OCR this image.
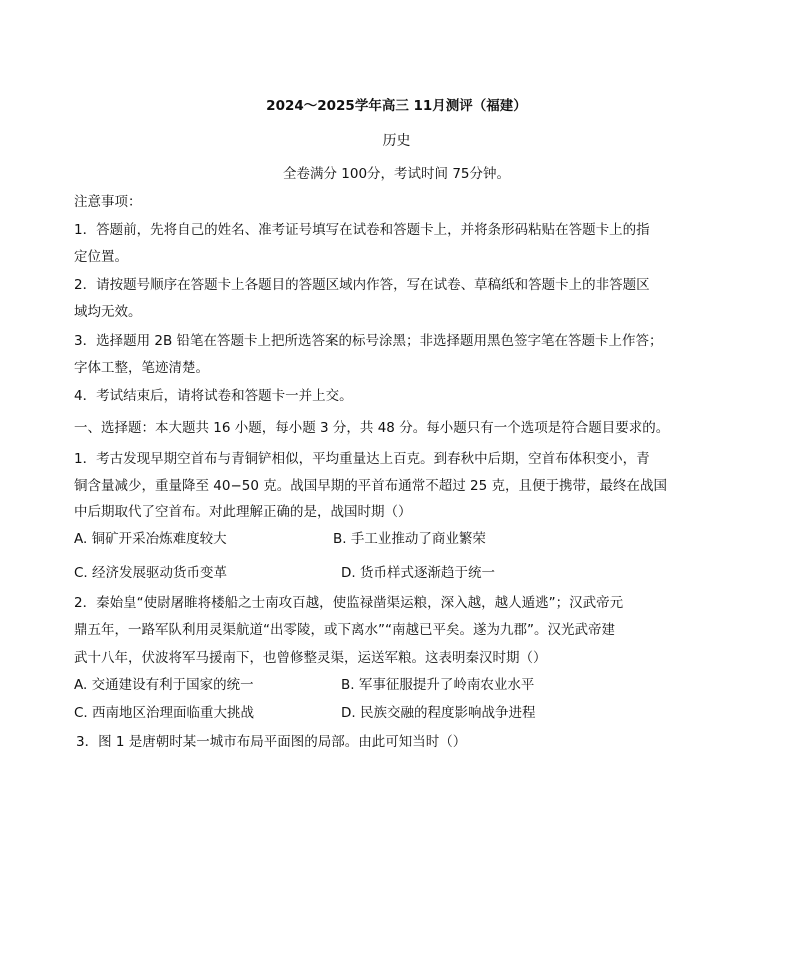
2024～2025学年高三 11月测评（福建）
历史
全卷满分 100分，考试时间 75分钟。
注意事项：
1．答题前，先将自己的姓名、准考证号填写在试卷和答题卡上，并将条形码粘贴在答题卡上的指
定位置。
2．请按题号顺序在答题卡上各题目的答题区域内作答，写在试卷、草稿纸和答题卡上的非答题区
域均无效。
3．选择题用 2B 铅笔在答题卡上把所选答案的标号涂黑；非选择题用黑色签字笔在答题卡上作答；
字体工整，笔迹清楚。
4．考试结束后，请将试卷和答题卡一并上交。
一、选择题：本大题共 16 小题，每小题 3 分，共 48 分。每小题只有一个选项是符合题目要求的。
1．考古发现早期空首布与青铜铲相似，平均重量达上百克。到春秋中后期，空首布体积变小，青
铜含量减少，重量降至 40−50 克。战国早期的平首布通常不超过 25 克，且便于携带，最终在战国
中后期取代了空首布。对此理解正确的是，战国时期（）
A. 铜矿开采冶炼难度较大	B. 手工业推动了商业繁荣
C. 经济发展驱动货币变革	D. 货币样式逐渐趋于统一
2．秦始皇“使尉屠睢将楼船之士南攻百越，使监禄凿渠运粮，深入越，越人遁逃”；汉武帝元
鼎五年，一路军队利用灵渠航道“出零陵，或下离水”“南越已平矣。遂为九郡”。汉光武帝建
武十八年，伏波将军马援南下，也曾修整灵渠，运送军粮。这表明秦汉时期（）
A. 交通建设有利于国家的统一	B. 军事征服提升了岭南农业水平
C. 西南地区治理面临重大挑战	D. 民族交融的程度影响战争进程
3．图 1 是唐朝时某一城市布局平面图的局部。由此可知当时（）
